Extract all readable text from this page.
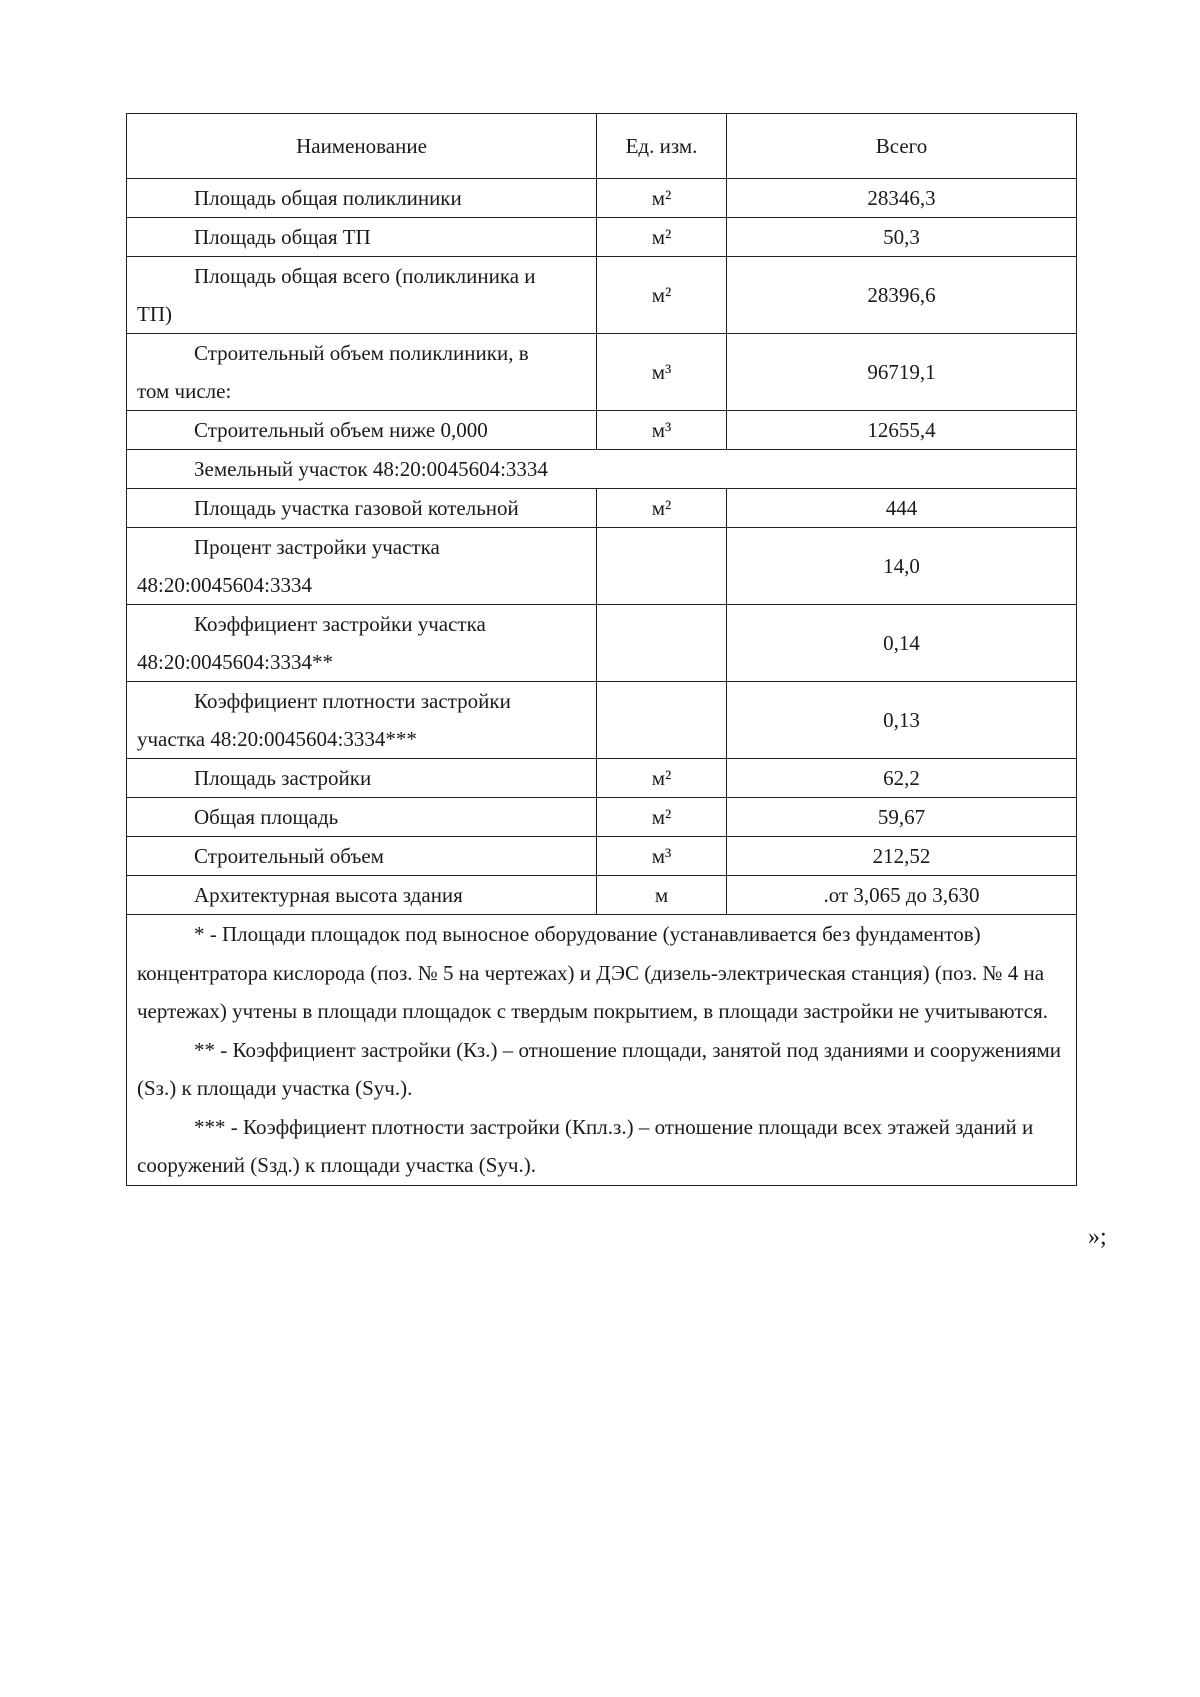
Наименование	Ед. изм.	Всего

Площадь общая поликлиники	м²	28346,3

Площадь общая ТП	м²	50,3

Площадь общая всего (поликлиника и
ТП)	м²	28396,6

Строительный объем поликлиники, в
том числе:	м³	96719,1

Строительный объем ниже 0,000	м³	12655,4

Земельный участок 48:20:0045604:3334		

Площадь участка газовой котельной	м²	444

Процент застройки участка
48:20:0045604:3334		14,0

Коэффициент застройки участка
48:20:0045604:3334**		0,14

Коэффициент плотности застройки
участка 48:20:0045604:3334***		0,13

Площадь застройки	м²	62,2

Общая площадь	м²	59,67

Строительный объем	м³	212,52

Архитектурная высота здания	м	.от 3,065 до 3,630

* - Площади площадок под выносное оборудование (устанавливается без фундаментов) концентратора кислорода (поз. № 5 на чертежах) и ДЭС (дизель-электрическая станция) (поз. № 4 на чертежах) учтены в площади площадок с твердым покрытием, в площади застройки не учитываются.

** - Коэффициент застройки (Кз.) – отношение площади, занятой под зданиями и сооружениями (Sз.) к площади участка (Sуч.).

*** - Коэффициент плотности застройки (Кпл.з.) – отношение площади всех этажей зданий и сооружений (Sзд.) к площади участка (Sуч.).		

»;
